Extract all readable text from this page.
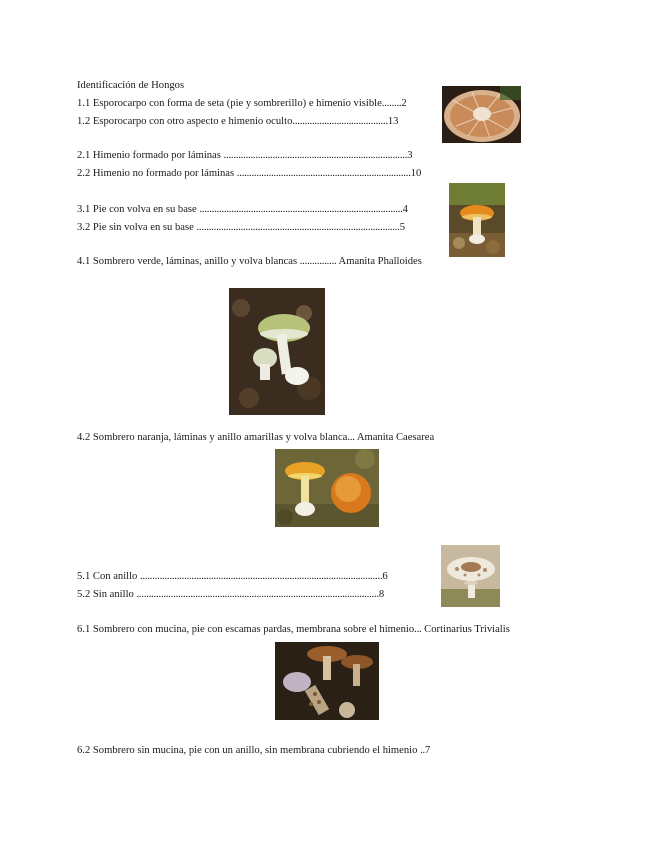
Identificación de Hongos
1.1 Esporocarpo con forma de seta (pie y sombrerillo) e himenio visible........2
1.2 Esporocarpo con otro aspecto e himenio oculto.......................................13
2.1 Himenio formado por láminas ...........................................................................3
2.2 Himenio no formado por láminas .......................................................................10
3.1 Pie con volva en su base ...................................................................................4
3.2 Pie sin volva en su base ...................................................................................5
4.1 Sombrero verde, láminas, anillo y volva blancas ............... Amanita Phalloides
4.2 Sombrero naranja, láminas y anillo amarillas y volva blanca... Amanita Caesarea
5.1 Con anillo ...................................................................................................6
5.2 Sin anillo ...................................................................................................8
6.1 Sombrero con mucina, pie con escamas pardas, membrana sobre el himenio... Cortinarius Trivialis
6.2 Sombrero sin mucina, pie con un anillo, sin membrana cubriendo el himenio ..7
